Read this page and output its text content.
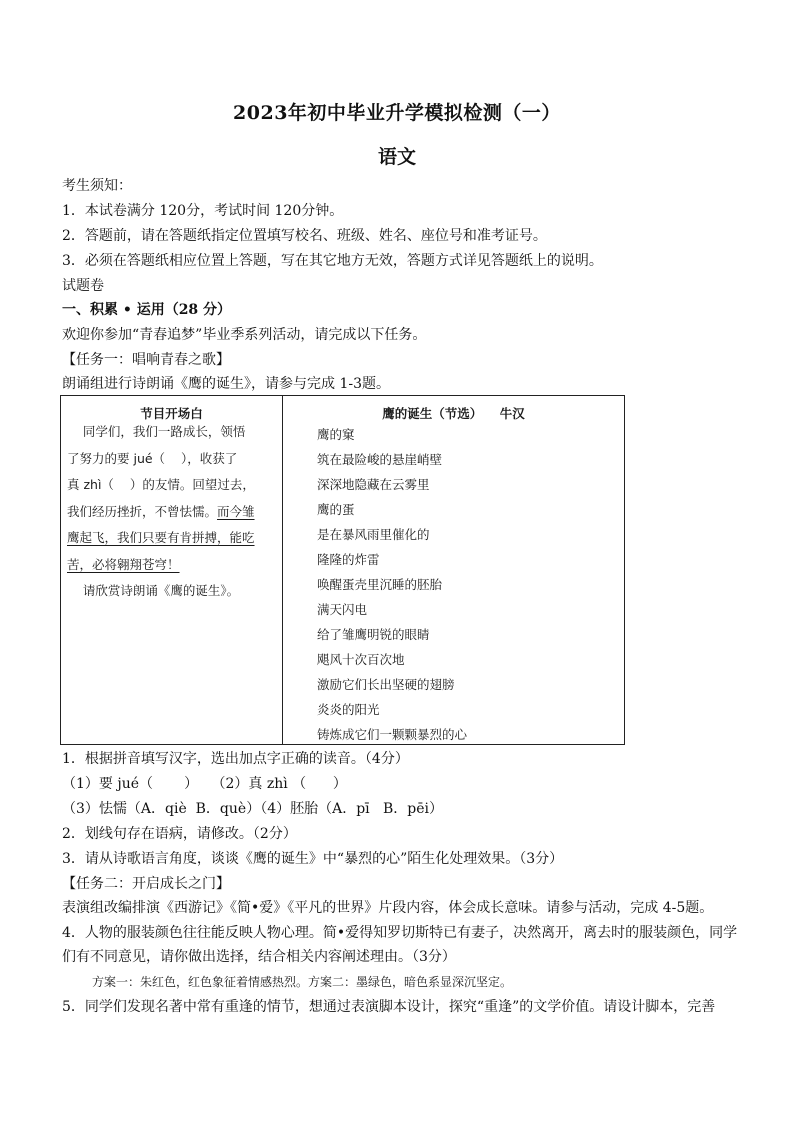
2023年初中毕业升学模拟检测（一）
语文
考生须知：
1．本试卷满分 120分，考试时间 120分钟。
2．答题前，请在答题纸指定位置填写校名、班级、姓名、座位号和准考证号。
3．必须在答题纸相应位置上答题，写在其它地方无效，答题方式详见答题纸上的说明。
试题卷
一、积累 • 运用（28 分）
欢迎你参加“青春追梦”毕业季系列活动，请完成以下任务。
【任务一：唱响青春之歌】
朗诵组进行诗朗诵《鹰的诞生》，请参与完成 1-3题。
节目开场白

同学们，我们一路成长，领悟

了努力的要 jué（    ），收获了

真 zhì（    ）的友情。回望过去，

我们经历挫折，不曾怯懦。而今雏

鹰起飞，我们只要有肯拼搏，能吃

苦，必将翱翔苍穹！

请欣赏诗朗诵《鹰的诞生》。

鹰的诞生（节选）    牛汉
鹰的窠
筑在最险峻的悬崖峭壁
深深地隐藏在云雾里
鹰的蛋
是在暴风雨里催化的
隆隆的炸雷
唤醒蛋壳里沉睡的胚胎
满天闪电
给了雏鹰明锐的眼睛
飓风十次百次地
激励它们长出坚硬的翅膀
炎炎的阳光
铸炼成它们一颗颗暴烈的心
1．根据拼音填写汉字，选出加点字正确的读音。（4分）
（1）要 jué（       ）   （2）真 zhì （      ）
（3）怯懦（A．qiè  B．què）（4）胚胎（A．pī   B．pēi）
2．划线句存在语病，请修改。（2分）
3．请从诗歌语言角度，谈谈《鹰的诞生》中“暴烈的心”陌生化处理效果。（3分）
【任务二：开启成长之门】
表演组改编排演《西游记》《简•爱》《平凡的世界》片段内容，体会成长意味。请参与活动，完成 4-5题。
4．人物的服装颜色往往能反映人物心理。简•爱得知罗切斯特已有妻子，决然离开，离去时的服装颜色，同学
们有不同意见，请你做出选择，结合相关内容阐述理由。（3分）
方案一：朱红色，红色象征着情感热烈。方案二：墨绿色，暗色系显深沉坚定。
5．同学们发现名著中常有重逢的情节，想通过表演脚本设计，探究“重逢”的文学价值。请设计脚本，完善
